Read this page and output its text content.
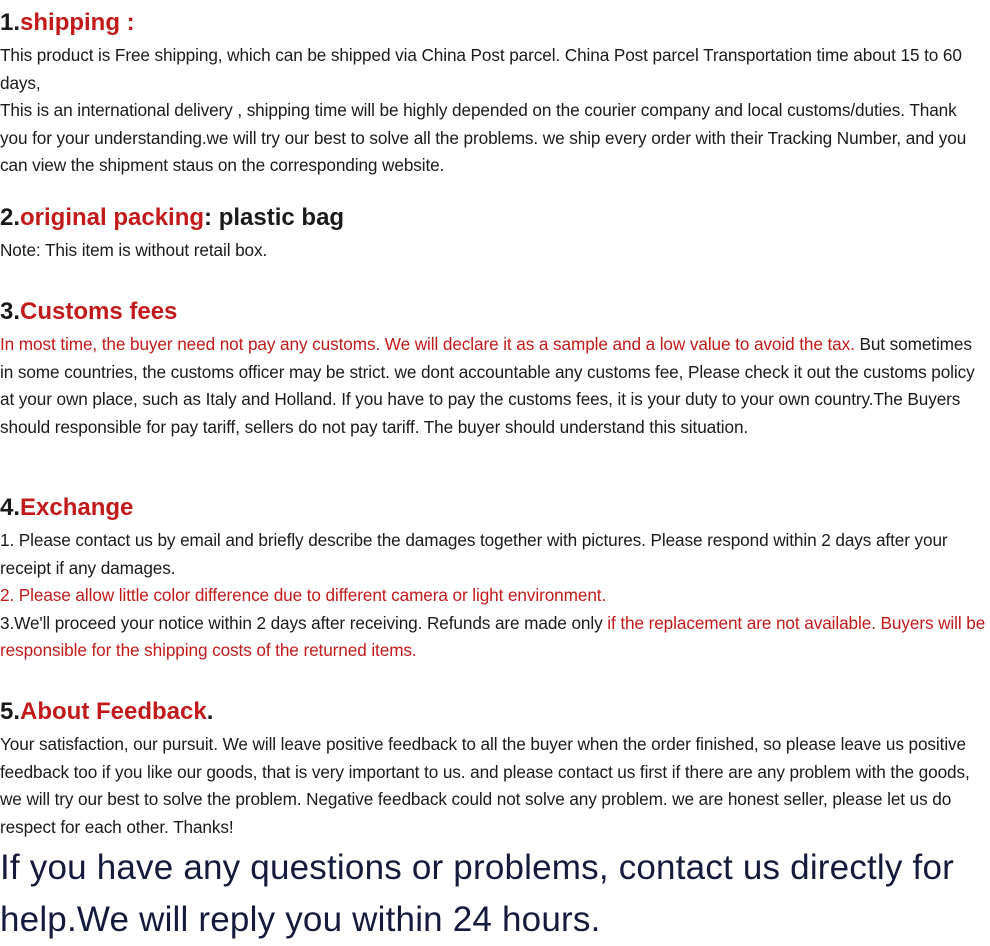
1.shipping :

This product is Free shipping, which can be shipped via China Post parcel. China Post parcel Transportation time about 15 to 60 days,

This is an international delivery , shipping time will be highly depended on the courier company and local customs/duties. Thank you for your understanding.we will try our best to solve all the problems. we ship every order with their Tracking Number, and you can view the shipment staus on the corresponding website.

2.original packing: plastic bag

Note: This item is without retail box.

3.Customs fees

In most time, the buyer need not pay any customs. We will declare it as a sample and a low value to avoid the tax. But sometimes in some countries, the customs officer may be strict. we dont accountable any customs fee, Please check it out the customs policy at your own place, such as Italy and Holland. If you have to pay the customs fees, it is your duty to your own country.The Buyers should responsible for pay tariff, sellers do not pay tariff. The buyer should understand this situation.

4.Exchange

1. Please contact us by email and briefly describe the damages together with pictures. Please respond within 2 days after your receipt if any damages.

2. Please allow little color difference due to different camera or light environment.

3.We'll proceed your notice within 2 days after receiving. Refunds are made only if the replacement are not available. Buyers will be responsible for the shipping costs of the returned items.

5.About Feedback.

Your satisfaction, our pursuit. We will leave positive feedback to all the buyer when the order finished, so please leave us positive feedback too if you like our goods, that is very important to us. and please contact us first if there are any problem with the goods, we will try our best to solve the problem. Negative feedback could not solve any problem. we are honest seller, please let us do respect for each other. Thanks!

If you have any questions or problems, contact us directly for help.We will reply you within 24 hours.
